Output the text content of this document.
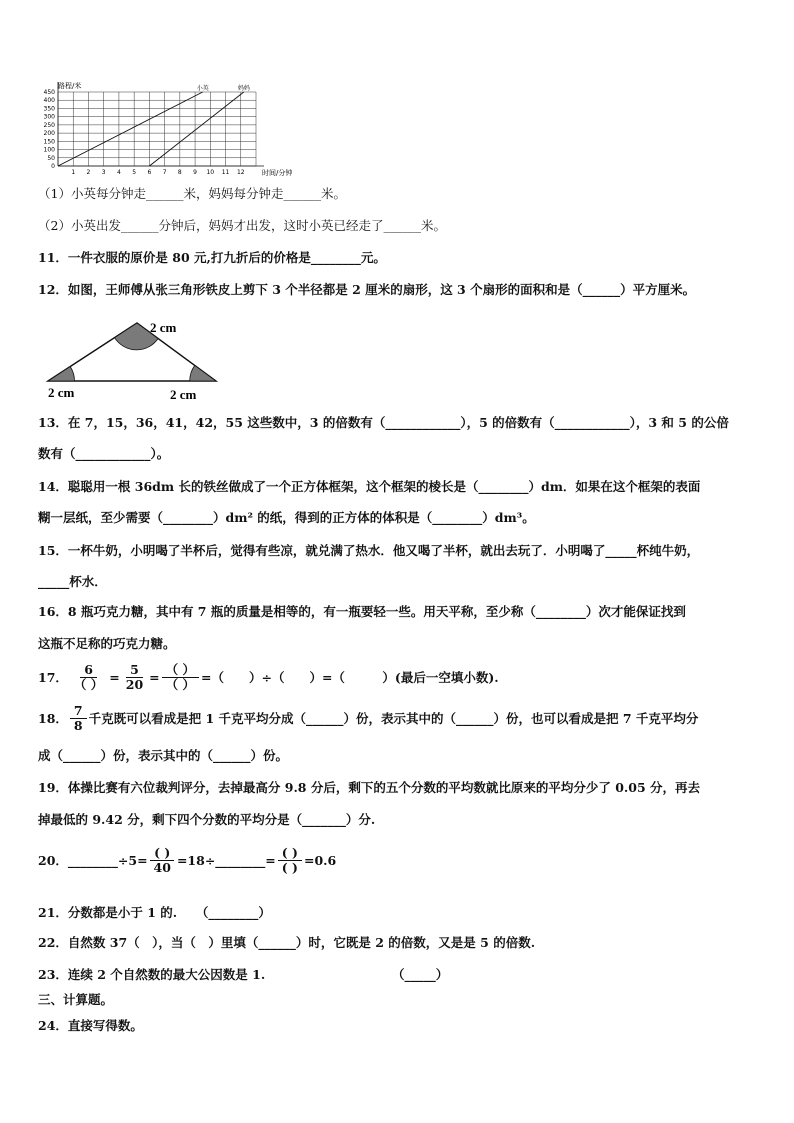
路程/米
时间/分钟
450
400
350
300
250
200
150
100
50
0
1 2 3 4 5 6 7 8 9 10 11 12
小英	妈妈
（1）小英每分钟走______米，妈妈每分钟走______米。
（2）小英出发______分钟后，妈妈才出发，这时小英已经走了______米。
11．一件衣服的原价是 80 元,打九折后的价格是________元。
12．如图，王师傅从张三角形铁皮上剪下 3 个半径都是 2 厘米的扇形，这 3 个扇形的面积和是（______）平方厘米。
2 cm
2 cm	2 cm
13．在 7，15，36，41，42，55 这些数中，3 的倍数有（____________），5 的倍数有（____________），3 和 5 的公倍
数有（____________）。
14．聪聪用一根 36dm 长的铁丝做成了一个正方体框架，这个框架的棱长是（________）dm．如果在这个框架的表面
糊一层纸，至少需要（________）dm² 的纸，得到的正方体的体积是（________）dm³。
15．一杯牛奶，小明喝了半杯后，觉得有些凉，就兑满了热水．他又喝了半杯，就出去玩了．小明喝了_____杯纯牛奶，
_____杯水．
16．8 瓶巧克力糖，其中有 7 瓶的质量是相等的，有一瓶要轻一些。用天平称，至少称（________）次才能保证找到
这瓶不足称的巧克力糖。
17． $\frac{6}{( )} = \frac{5}{20} = \frac{( )}{( )}$ =（　　）÷（　　）=（　　　）(最后一空填小数).
18． $\frac{7}{8}$ 千克既可以看成是把 1 千克平均分成（______）份，表示其中的（______）份，也可以看成是把 7 千克平均分
成（______）份，表示其中的（______）份。
19．体操比赛有六位裁判评分，去掉最高分 9.8 分后，剩下的五个分数的平均数就比原来的平均分少了 0.05 分，再去
掉最低的 9.42 分，剩下四个分数的平均分是（_______）分.
20．________÷5= $\frac{( )}{40}$ =18÷________= $\frac{( )}{( )} =0.6$
21．分数都是小于 1 的.　　（________）
22．自然数 37（　），当（　）里填（______）时，它既是 2 的倍数，又是是 5 的倍数.
23．连续 2 个自然数的最大公因数是 1.	（_____）
三、计算题。
24．直接写得数。
